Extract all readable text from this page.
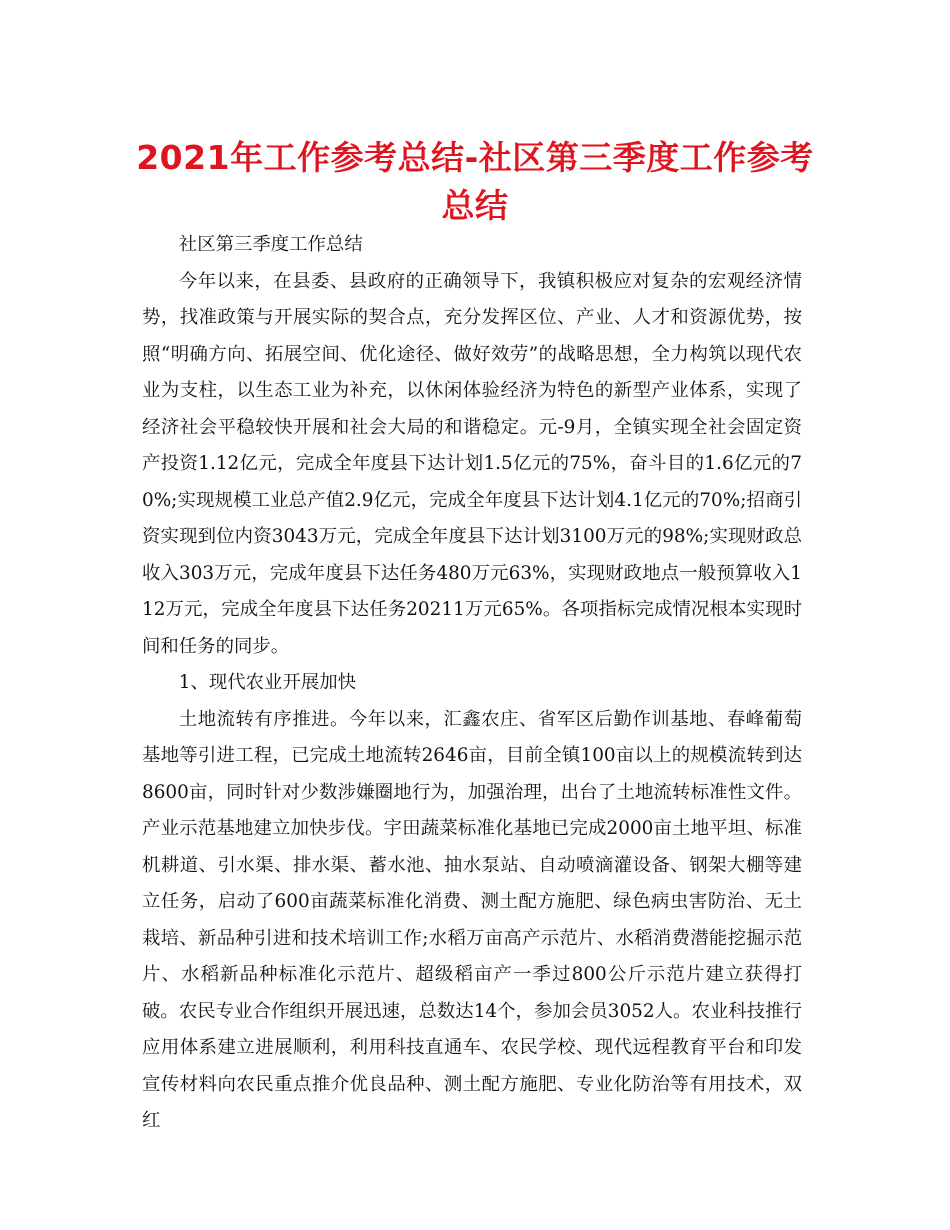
2021年工作参考总结-社区第三季度工作参考总结

社区第三季度工作总结

今年以来，在县委、县政府的正确领导下，我镇积极应对复杂的宏观经济情势，找准政策与开展实际的契合点，充分发挥区位、产业、人才和资源优势，按照“明确方向、拓展空间、优化途径、做好效劳”的战略思想，全力构筑以现代农业为支柱，以生态工业为补充，以休闲体验经济为特色的新型产业体系，实现了经济社会平稳较快开展和社会大局的和谐稳定。元-9月，全镇实现全社会固定资产投资1.12亿元，完成全年度县下达计划1.5亿元的75%，奋斗目的1.6亿元的70%;实现规模工业总产值2.9亿元，完成全年度县下达计划4.1亿元的70%;招商引资实现到位内资3043万元，完成全年度县下达计划3100万元的98%;实现财政总收入303万元，完成年度县下达任务480万元63%，实现财政地点一般预算收入112万元，完成全年度县下达任务20211万元65%。各项指标完成情况根本实现时间和任务的同步。

1、现代农业开展加快

土地流转有序推进。今年以来，汇鑫农庄、省军区后勤作训基地、春峰葡萄基地等引进工程，已完成土地流转2646亩，目前全镇100亩以上的规模流转到达8600亩，同时针对少数涉嫌圈地行为，加强治理，出台了土地流转标准性文件。产业示范基地建立加快步伐。宇田蔬菜标准化基地已完成2000亩土地平坦、标准机耕道、引水渠、排水渠、蓄水池、抽水泵站、自动喷滴灌设备、钢架大棚等建立任务，启动了600亩蔬菜标准化消费、测土配方施肥、绿色病虫害防治、无土栽培、新品种引进和技术培训工作;水稻万亩高产示范片、水稻消费潜能挖掘示范片、水稻新品种标准化示范片、超级稻亩产一季过800公斤示范片建立获得打破。农民专业合作组织开展迅速，总数达14个，参加会员3052人。农业科技推行应用体系建立进展顺利，利用科技直通车、农民学校、现代远程教育平台和印发宣传材料向农民重点推介优良品种、测土配方施肥、专业化防治等有用技术，双红
